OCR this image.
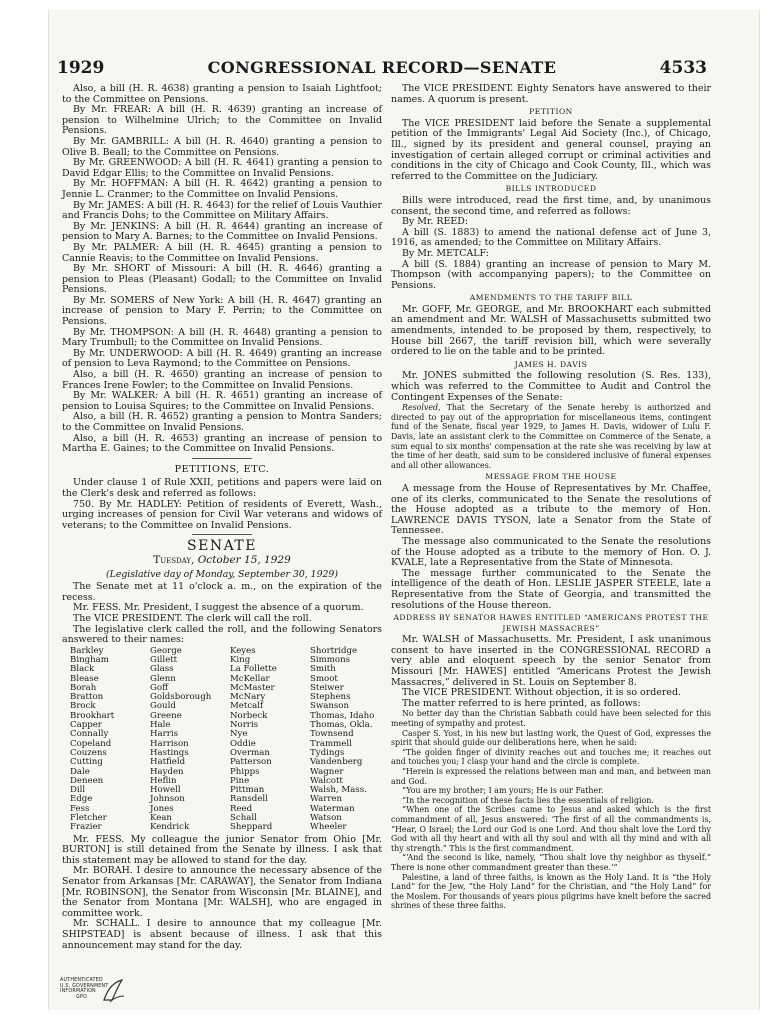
CONGRESSIONAL RECORD—SENATE
1929	4533

Also, a bill (H. R. 4638) granting a pension to Isaiah Lightfoot; to the Committee on Pensions.

By Mr. FREAR: A bill (H. R. 4639) granting an increase of pension to Wilhelmine Ulrich; to the Committee on Invalid Pensions.

By Mr. GAMBRILL: A bill (H. R. 4640) granting a pension to Olive B. Beall; to the Committee on Pensions.

By Mr. GREENWOOD: A bill (H. R. 4641) granting a pension to David Edgar Ellis; to the Committee on Invalid Pensions.

By Mr. HOFFMAN: A bill (H. R. 4642) granting a pension to Jennie L. Cranmer; to the Committee on Invalid Pensions.

By Mr. JAMES: A bill (H. R. 4643) for the relief of Louis Vauthier and Francis Dohs; to the Committee on Military Affairs.

By Mr. JENKINS: A bill (H. R. 4644) granting an increase of pension to Mary A. Barnes; to the Committee on Invalid Pensions.

By Mr. PALMER: A bill (H. R. 4645) granting a pension to Cannie Reavis; to the Committee on Invalid Pensions.

By Mr. SHORT of Missouri: A bill (H. R. 4646) granting a pension to Pleas (Pleasant) Godall; to the Committee on Invalid Pensions.

By Mr. SOMERS of New York: A bill (H. R. 4647) granting an increase of pension to Mary F. Perrin; to the Committee on Pensions.

By Mr. THOMPSON: A bill (H. R. 4648) granting a pension to Mary Trumbull; to the Committee on Invalid Pensions.

By Mr. UNDERWOOD: A bill (H. R. 4649) granting an increase of pension to Leva Raymond; to the Committee on Pensions.

Also, a bill (H. R. 4650) granting an increase of pension to Frances Irene Fowler; to the Committee on Invalid Pensions.

By Mr. WALKER: A bill (H. R. 4651) granting an increase of pension to Louisa Squires; to the Committee on Invalid Pensions.

Also, a bill (H. R. 4652) granting a pension to Montra Sanders; to the Committee on Invalid Pensions.

Also, a bill (H. R. 4653) granting an increase of pension to Martha E. Gaines; to the Committee on Invalid Pensions.

PETITIONS, ETC.

Under clause 1 of Rule XXII, petitions and papers were laid on the Clerk's desk and referred as follows:

750. By Mr. HADLEY: Petition of residents of Everett, Wash., urging increases of pension for Civil War veterans and widows of veterans; to the Committee on Invalid Pensions.

SENATE
Tuesday, October 15, 1929
(Legislative day of Monday, September 30, 1929)

The Senate met at 11 o'clock a. m., on the expiration of the recess.

Mr. FESS. Mr. President, I suggest the absence of a quorum.

The VICE PRESIDENT. The clerk will call the roll.

The legislative clerk called the roll, and the following Senators answered to their names:

Barkley	George	Keyes	Shortridge
Bingham	Gillett	King	Simmons
Black	Glass	La Follette	Smith
Blease	Glenn	McKellar	Smoot
Borah	Goff	McMaster	Steiwer
Bratton	Goldsborough	McNary	Stephens
Brock	Gould	Metcalf	Swanson
Brookhart	Greene	Norbeck	Thomas, Idaho
Capper	Hale	Norris	Thomas, Okla.
Connally	Harris	Nye	Townsend
Copeland	Harrison	Oddie	Trammell
Couzens	Hastings	Overman	Tydings
Cutting	Hatfield	Patterson	Vandenberg
Dale	Hayden	Phipps	Wagner
Deneen	Heflin	Pine	Walcott
Dill	Howell	Pittman	Walsh, Mass.
Edge	Johnson	Ransdell	Warren
Fess	Jones	Reed	Waterman
Fletcher	Kean	Schall	Watson
Frazier	Kendrick	Sheppard	Wheeler

Mr. FESS. My colleague the junior Senator from Ohio [Mr. BURTON] is still detained from the Senate by illness. I ask that this statement may be allowed to stand for the day.

Mr. BORAH. I desire to announce the necessary absence of the Senator from Arkansas [Mr. CARAWAY], the Senator from Indiana [Mr. ROBINSON], the Senator from Wisconsin [Mr. BLAINE], and the Senator from Montana [Mr. WALSH], who are engaged in committee work.

Mr. SCHALL. I desire to announce that my colleague [Mr. SHIPSTEAD] is absent because of illness. I ask that this announcement may stand for the day.

The VICE PRESIDENT. Eighty Senators have answered to their names. A quorum is present.

PETITION

The VICE PRESIDENT laid before the Senate a supplemental petition of the Immigrants' Legal Aid Society (Inc.), of Chicago, Ill., signed by its president and general counsel, praying an investigation of certain alleged corrupt or criminal activities and conditions in the city of Chicago and Cook County, Ill., which was referred to the Committee on the Judiciary.

BILLS INTRODUCED

Bills were introduced, read the first time, and, by unanimous consent, the second time, and referred as follows:

By Mr. REED:

A bill (S. 1883) to amend the national defense act of June 3, 1916, as amended; to the Committee on Military Affairs.

By Mr. METCALF:

A bill (S. 1884) granting an increase of pension to Mary M. Thompson (with accompanying papers); to the Committee on Pensions.

AMENDMENTS TO THE TARIFF BILL

Mr. GOFF, Mr. GEORGE, and Mr. BROOKHART each submitted an amendment and Mr. WALSH of Massachusetts submitted two amendments, intended to be proposed by them, respectively, to House bill 2667, the tariff revision bill, which were severally ordered to lie on the table and to be printed.

JAMES H. DAVIS

Mr. JONES submitted the following resolution (S. Res. 133), which was referred to the Committee to Audit and Control the Contingent Expenses of the Senate:

Resolved, That the Secretary of the Senate hereby is authorized and directed to pay out of the appropriation for miscellaneous items, contingent fund of the Senate, fiscal year 1929, to James H. Davis, widower of Lulu F. Davis, late an assistant clerk to the Committee on Commerce of the Senate, a sum equal to six months' compensation at the rate she was receiving by law at the time of her death, said sum to be considered inclusive of funeral expenses and all other allowances.

MESSAGE FROM THE HOUSE

A message from the House of Representatives by Mr. Chaffee, one of its clerks, communicated to the Senate the resolutions of the House adopted as a tribute to the memory of Hon. LAWRENCE DAVIS TYSON, late a Senator from the State of Tennessee.

The message also communicated to the Senate the resolutions of the House adopted as a tribute to the memory of Hon. O. J. KVALE, late a Representative from the State of Minnesota.

The message further communicated to the Senate the intelligence of the death of Hon. LESLIE JASPER STEELE, late a Representative from the State of Georgia, and transmitted the resolutions of the House thereon.

ADDRESS BY SENATOR HAWES ENTITLED “AMERICANS PROTEST THE JEWISH MASSACRES”

Mr. WALSH of Massachusetts. Mr. President, I ask unanimous consent to have inserted in the CONGRESSIONAL RECORD a very able and eloquent speech by the senior Senator from Missouri [Mr. HAWES] entitled “Americans Protest the Jewish Massacres,” delivered in St. Louis on September 8.

The VICE PRESIDENT. Without objection, it is so ordered.

The matter referred to is here printed, as follows:

No better day than the Christian Sabbath could have been selected for this meeting of sympathy and protest.

Casper S. Yost, in his new but lasting work, the Quest of God, expresses the spirit that should guide our deliberations here, when he said:

“The golden finger of divinity reaches out and touches me; it reaches out and touches you; I clasp your hand and the circle is complete.

“Herein is expressed the relations between man and man, and between man and God.

“You are my brother; I am yours; He is our Father.

“In the recognition of these facts lies the essentials of religion.

“When one of the Scribes came to Jesus and asked which is the first commandment of all, Jesus answered: ‘The first of all the commandments is, “Hear, O Israel; the Lord our God is one Lord. And thou shalt love the Lord thy God with all thy heart and with all thy soul and with all thy mind and with all thy strength.” This is the first commandment.

“‘And the second is like, namely, “Thou shalt love thy neighbor as thyself.” There is none other commandment greater than these.’”

Palestine, a land of three faiths, is known as the Holy Land. It is “the Holy Land” for the Jew, “the Holy Land” for the Christian, and “the Holy Land” for the Moslem. For thousands of years pious pilgrims have knelt before the sacred shrines of these three faiths.

AUTHENTICATED
U.S. GOVERNMENT
INFORMATION
GPO
